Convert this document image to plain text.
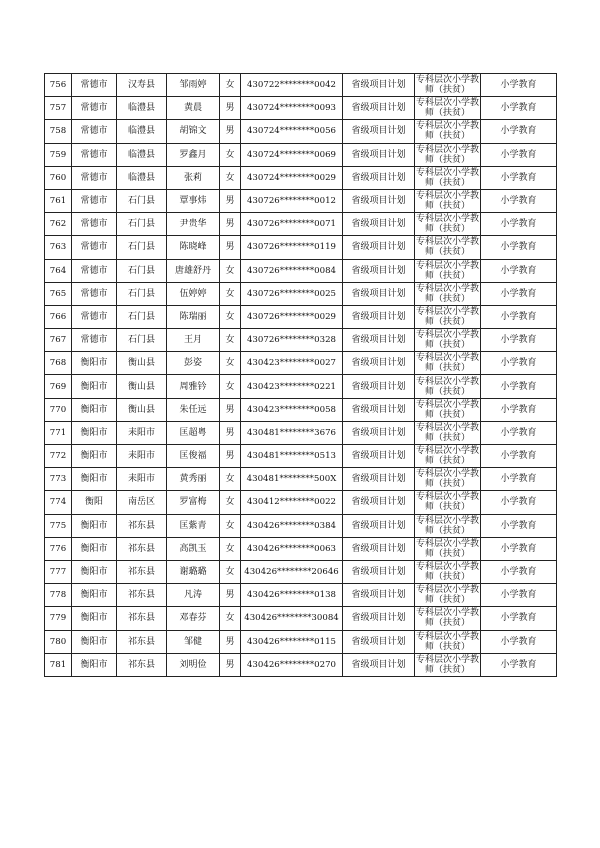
756	常德市	汉寿县	邹雨婷	女	430722********0042	省级项目计划	专科层次小学教师（扶贫）	小学教育
757	常德市	临澧县	黄晨	男	430724********0093	省级项目计划	专科层次小学教师（扶贫）	小学教育
758	常德市	临澧县	胡锦文	男	430724********0056	省级项目计划	专科层次小学教师（扶贫）	小学教育
759	常德市	临澧县	罗鑫月	女	430724********0069	省级项目计划	专科层次小学教师（扶贫）	小学教育
760	常德市	临澧县	张莉	女	430724********0029	省级项目计划	专科层次小学教师（扶贫）	小学教育
761	常德市	石门县	覃事炜	男	430726********0012	省级项目计划	专科层次小学教师（扶贫）	小学教育
762	常德市	石门县	尹贵华	男	430726********0071	省级项目计划	专科层次小学教师（扶贫）	小学教育
763	常德市	石门县	陈晓峰	男	430726********0119	省级项目计划	专科层次小学教师（扶贫）	小学教育
764	常德市	石门县	唐雄舒丹	女	430726********0084	省级项目计划	专科层次小学教师（扶贫）	小学教育
765	常德市	石门县	伍婷婷	女	430726********0025	省级项目计划	专科层次小学教师（扶贫）	小学教育
766	常德市	石门县	陈瑞丽	女	430726********0029	省级项目计划	专科层次小学教师（扶贫）	小学教育
767	常德市	石门县	王月	女	430726********0328	省级项目计划	专科层次小学教师（扶贫）	小学教育
768	衡阳市	衡山县	彭姿	女	430423********0027	省级项目计划	专科层次小学教师（扶贫）	小学教育
769	衡阳市	衡山县	周雅钤	女	430423********0221	省级项目计划	专科层次小学教师（扶贫）	小学教育
770	衡阳市	衡山县	朱任远	男	430423********0058	省级项目计划	专科层次小学教师（扶贫）	小学教育
771	衡阳市	耒阳市	匡超粤	男	430481********3676	省级项目计划	专科层次小学教师（扶贫）	小学教育
772	衡阳市	耒阳市	匡俊福	男	430481********0513	省级项目计划	专科层次小学教师（扶贫）	小学教育
773	衡阳市	耒阳市	黄秀丽	女	430481********500X	省级项目计划	专科层次小学教师（扶贫）	小学教育
774	衡阳	南岳区	罗富梅	女	430412********0022	省级项目计划	专科层次小学教师（扶贫）	小学教育
775	衡阳市	祁东县	匡紫青	女	430426********0384	省级项目计划	专科层次小学教师（扶贫）	小学教育
776	衡阳市	祁东县	高凯玉	女	430426********0063	省级项目计划	专科层次小学教师（扶贫）	小学教育
777	衡阳市	祁东县	谢璐璐	女	430426********20646	省级项目计划	专科层次小学教师（扶贫）	小学教育
778	衡阳市	祁东县	凡涛	男	430426********0138	省级项目计划	专科层次小学教师（扶贫）	小学教育
779	衡阳市	祁东县	邓春芬	女	430426********30084	省级项目计划	专科层次小学教师（扶贫）	小学教育
780	衡阳市	祁东县	邹健	男	430426********0115	省级项目计划	专科层次小学教师（扶贫）	小学教育
781	衡阳市	祁东县	刘明俭	男	430426********0270	省级项目计划	专科层次小学教师（扶贫）	小学教育
